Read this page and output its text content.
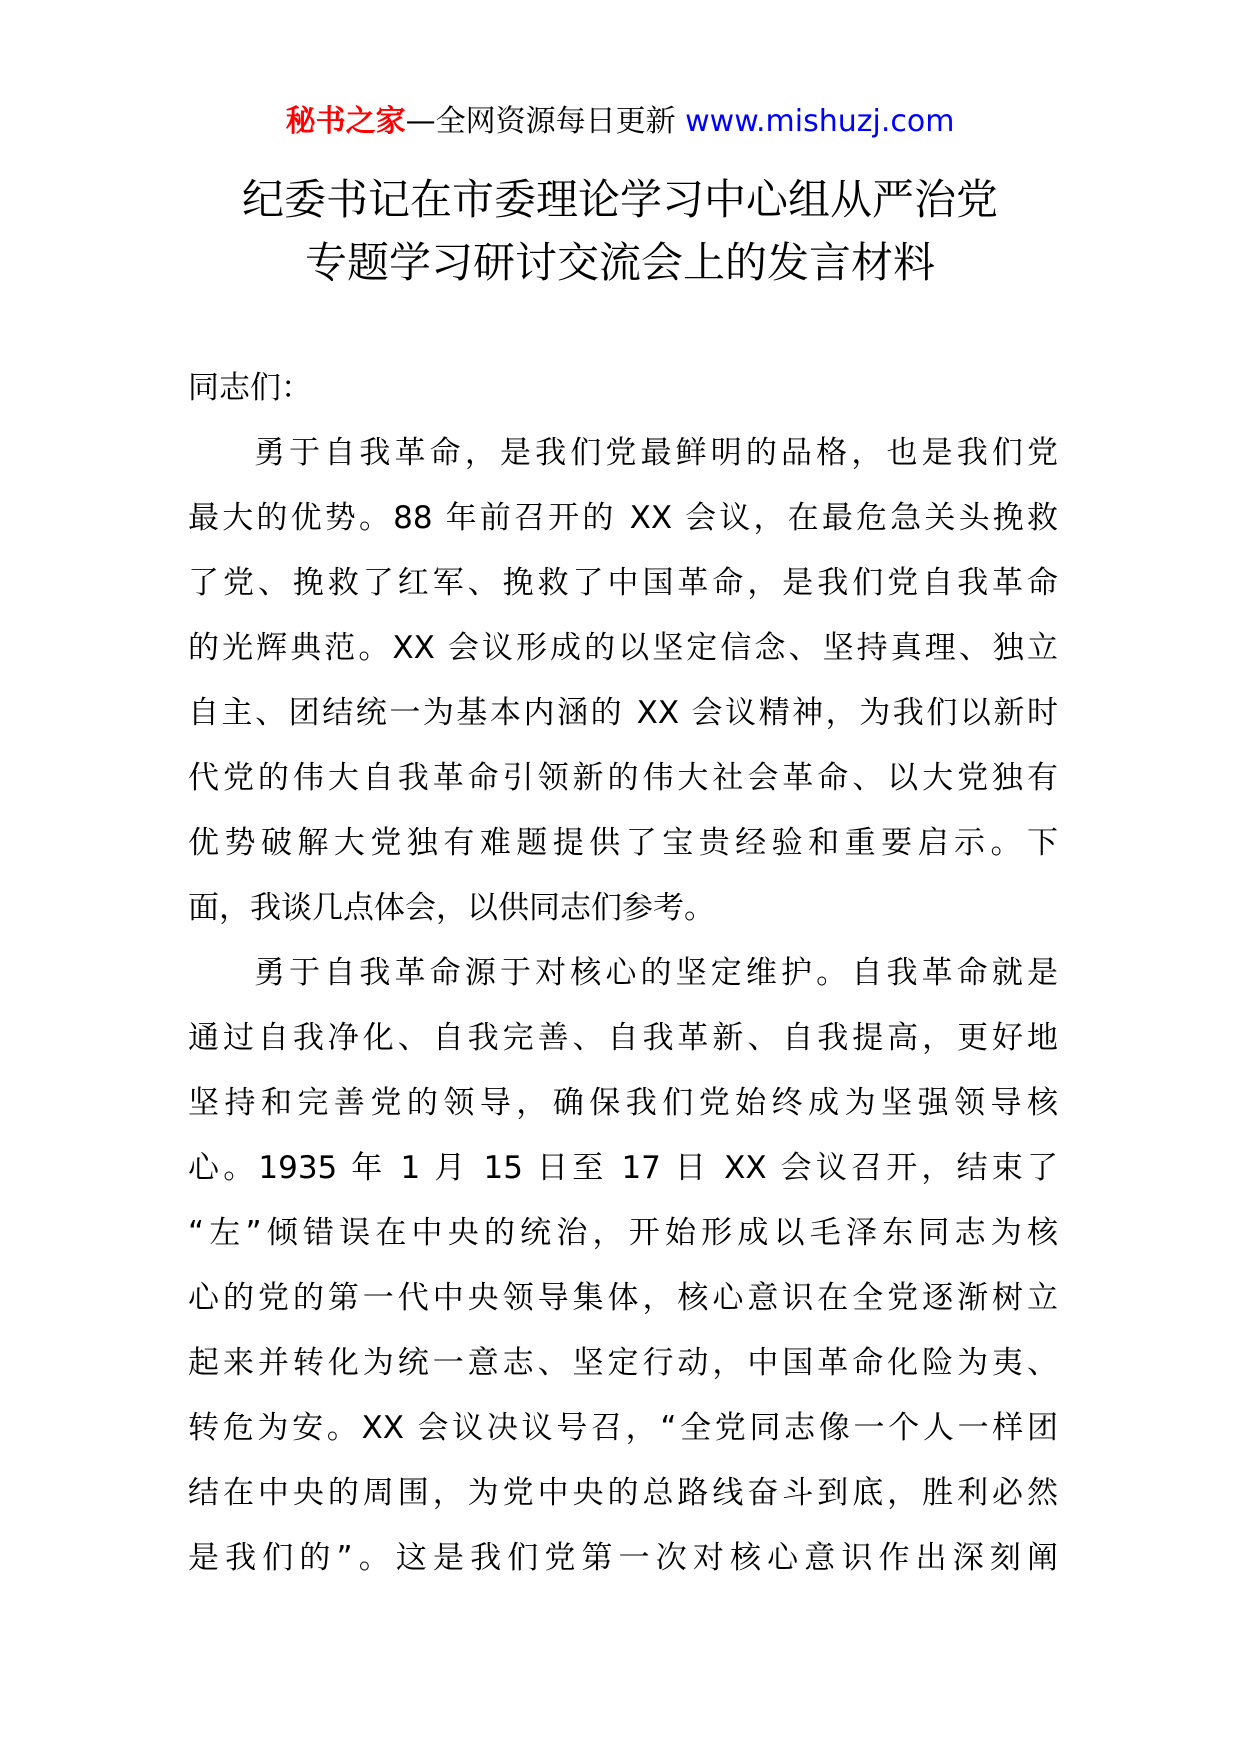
秘书之家—全网资源每日更新 www.mishuzj.com
纪委书记在市委理论学习中心组从严治党
专题学习研讨交流会上的发言材料
同志们：
勇于自我革命，是我们党最鲜明的品格，也是我们党
最大的优势。88 年前召开的 XX 会议，在最危急关头挽救
了党、挽救了红军、挽救了中国革命，是我们党自我革命
的光辉典范。XX 会议形成的以坚定信念、坚持真理、独立
自主、团结统一为基本内涵的 XX 会议精神，为我们以新时
代党的伟大自我革命引领新的伟大社会革命、以大党独有
优势破解大党独有难题提供了宝贵经验和重要启示。下
面，我谈几点体会，以供同志们参考。
勇于自我革命源于对核心的坚定维护。自我革命就是
通过自我净化、自我完善、自我革新、自我提高，更好地
坚持和完善党的领导，确保我们党始终成为坚强领导核
心。1935 年 1 月 15 日至 17 日 XX 会议召开，结束了
“左”倾错误在中央的统治，开始形成以毛泽东同志为核
心的党的第一代中央领导集体，核心意识在全党逐渐树立
起来并转化为统一意志、坚定行动，中国革命化险为夷、
转危为安。XX 会议决议号召，“全党同志像一个人一样团
结在中央的周围，为党中央的总路线奋斗到底，胜利必然
是我们的”。这是我们党第一次对核心意识作出深刻阐
